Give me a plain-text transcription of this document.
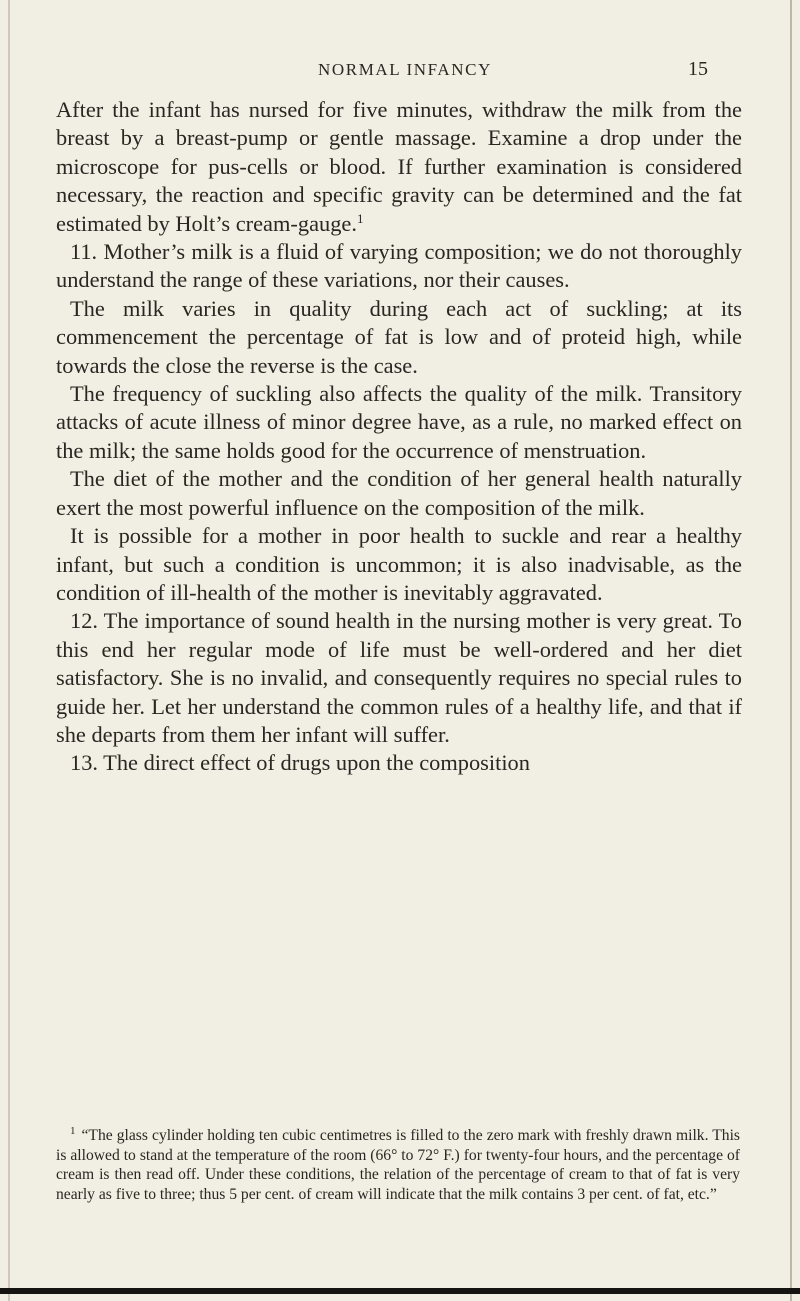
NORMAL INFANCY	15

After the infant has nursed for five minutes, withdraw the milk from the breast by a breast-pump or gentle massage. Examine a drop under the microscope for pus-cells or blood. If further examination is considered necessary, the reaction and specific gravity can be determined and the fat estimated by Holt’s cream-gauge.$^1$

11. Mother’s milk is a fluid of varying composition; we do not thoroughly understand the range of these variations, nor their causes.

The milk varies in quality during each act of suckling; at its commencement the percentage of fat is low and of proteid high, while towards the close the reverse is the case.

The frequency of suckling also affects the quality of the milk. Transitory attacks of acute illness of minor degree have, as a rule, no marked effect on the milk; the same holds good for the occurrence of menstruation.

The diet of the mother and the condition of her general health naturally exert the most powerful influence on the composition of the milk.

It is possible for a mother in poor health to suckle and rear a healthy infant, but such a condition is uncommon; it is also inadvisable, as the condition of ill-health of the mother is inevitably aggravated.

12. The importance of sound health in the nursing mother is very great. To this end her regular mode of life must be well-ordered and her diet satisfactory. She is no invalid, and consequently requires no special rules to guide her. Let her understand the common rules of a healthy life, and that if she departs from them her infant will suffer.

13. The direct effect of drugs upon the composition

$^1$ “The glass cylinder holding ten cubic centimetres is filled to the zero mark with freshly drawn milk. This is allowed to stand at the temperature of the room (66° to 72° F.) for twenty-four hours, and the percentage of cream is then read off. Under these conditions, the relation of the percentage of cream to that of fat is very nearly as five to three; thus 5 per cent. of cream will indicate that the milk contains 3 per cent. of fat, etc.”
